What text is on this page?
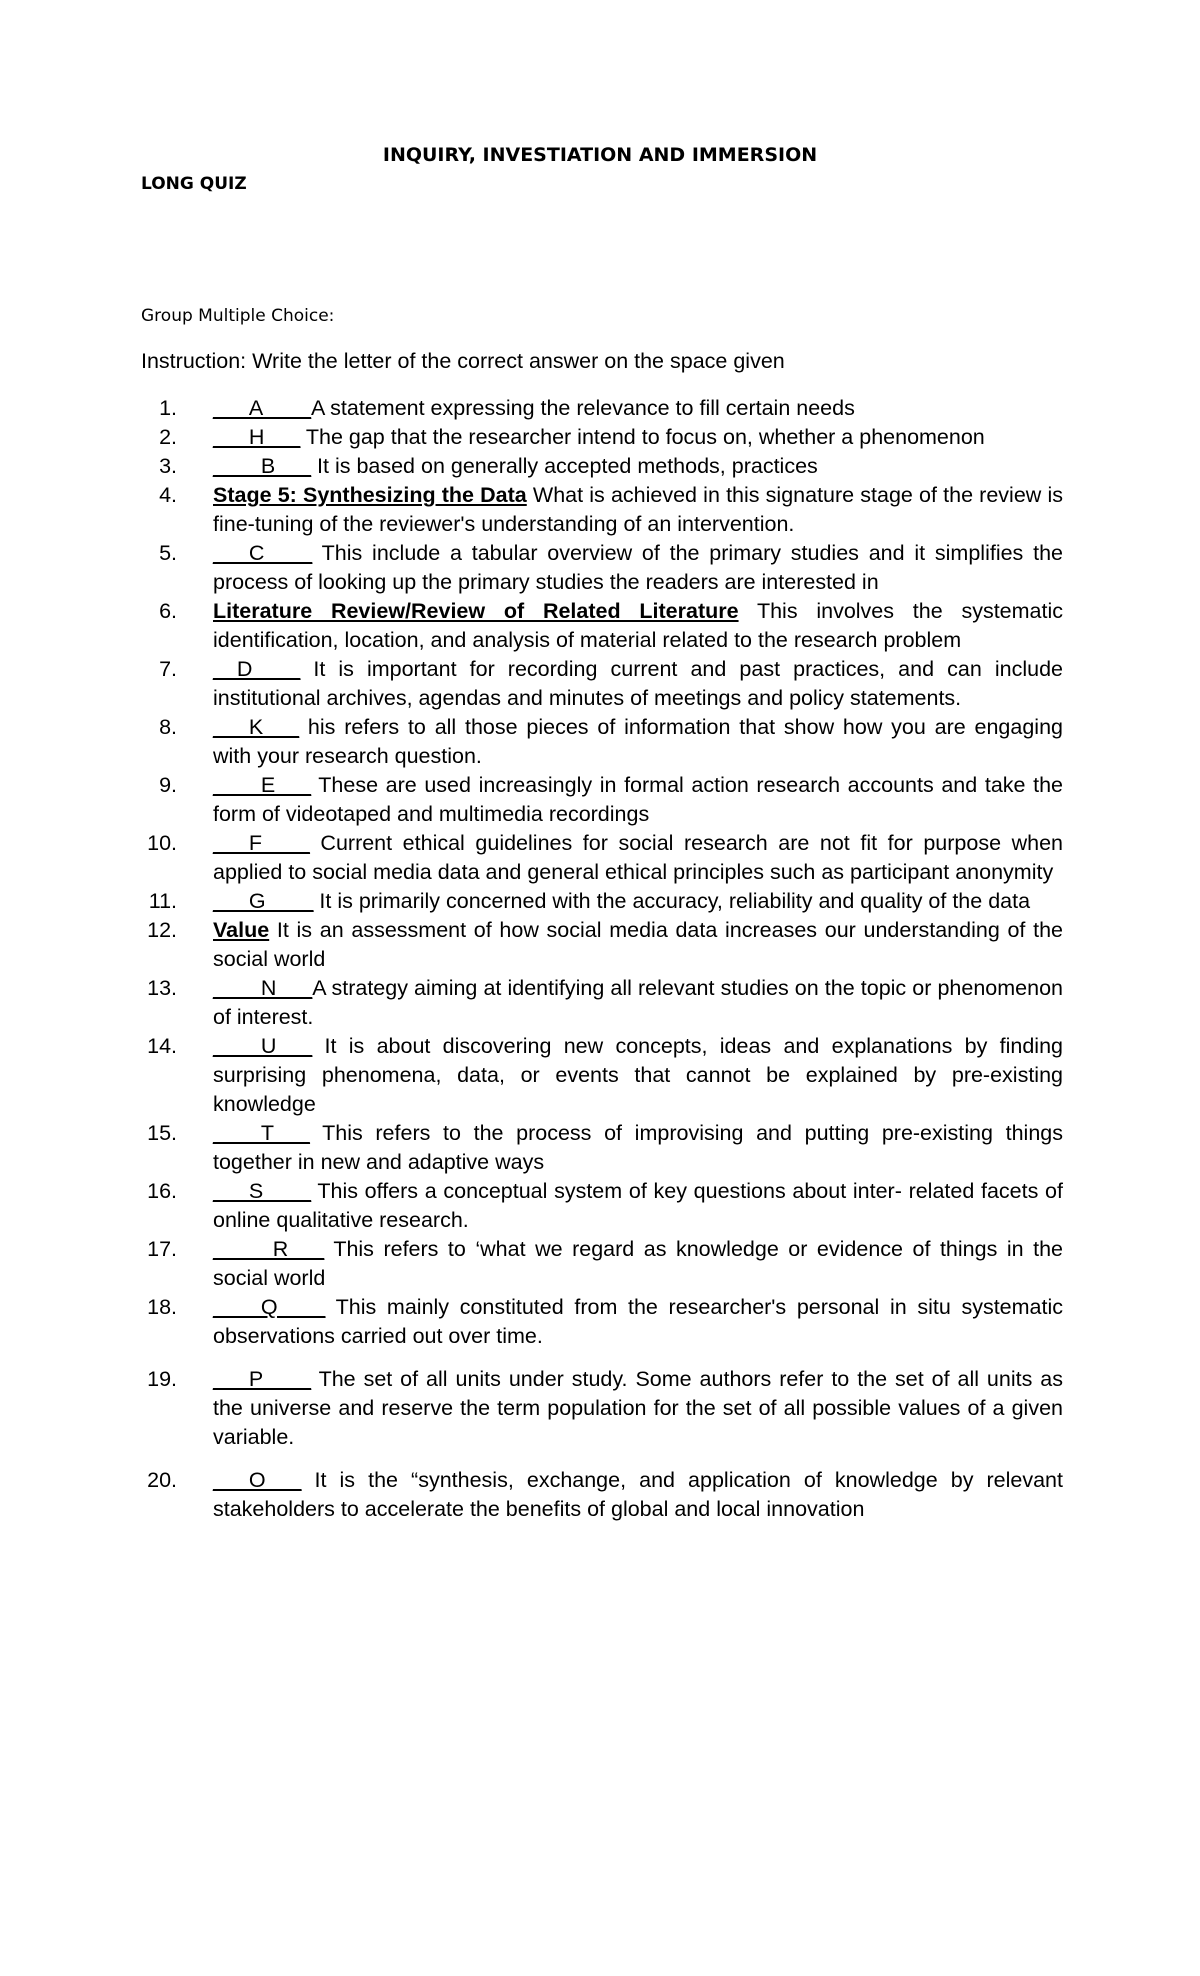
INQUIRY, INVESTIATION AND IMMERSION
LONG QUIZ
Group Multiple Choice:
Instruction: Write the letter of the correct answer on the space given
1. ___A____A statement expressing the relevance to fill certain needs
2. ___H___ The gap that the researcher intend to focus on, whether a phenomenon
3. ____B___ It is based on generally accepted methods, practices
4. Stage 5: Synthesizing the Data What is achieved in this signature stage of the review is fine-tuning of the reviewer's understanding of an intervention.
5. ___C____ This include a tabular overview of the primary studies and it simplifies the process of looking up the primary studies the readers are interested in
6. Literature Review/Review of Related Literature This involves the systematic identification, location, and analysis of material related to the research problem
7. __D____ It is important for recording current and past practices, and can include institutional archives, agendas and minutes of meetings and policy statements.
8. ___K___ his refers to all those pieces of information that show how you are engaging with your research question.
9. ____E___ These are used increasingly in formal action research accounts and take the form of videotaped and multimedia recordings
10. ___F____ Current ethical guidelines for social research are not fit for purpose when applied to social media data and general ethical principles such as participant anonymity
11. ___G____ It is primarily concerned with the accuracy, reliability and quality of the data
12. Value It is an assessment of how social media data increases our understanding of the social world
13. ____N___A strategy aiming at identifying all relevant studies on the topic or phenomenon of interest.
14. ____U___ It is about discovering new concepts, ideas and explanations by finding surprising phenomena, data, or events that cannot be explained by pre-existing knowledge
15. ____T___ This refers to the process of improvising and putting pre-existing things together in new and adaptive ways
16. ___S____ This offers a conceptual system of key questions about inter- related facets of online qualitative research.
17. _____R___ This refers to ‘what we regard as knowledge or evidence of things in the social world
18. ____Q____ This mainly constituted from the researcher's personal in situ systematic observations carried out over time.
19. ___P____ The set of all units under study. Some authors refer to the set of all units as the universe and reserve the term population for the set of all possible values of a given variable.
20. ___O___ It is the “synthesis, exchange, and application of knowledge by relevant stakeholders to accelerate the benefits of global and local innovation
